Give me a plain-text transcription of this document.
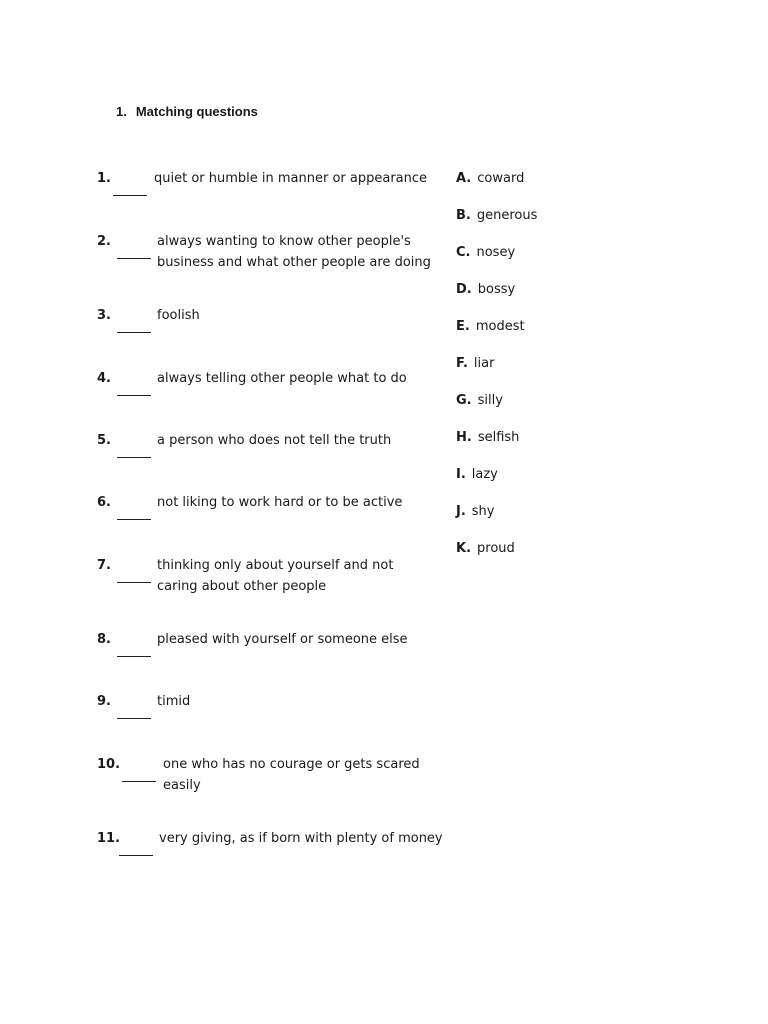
1. Matching questions
1.	quiet or humble in manner or appearance
2.	always wanting to know other people's business and what other people are doing
3.	foolish
4.	always telling other people what to do
5.	a person who does not tell the truth
6.	not liking to work hard or to be active
7.	thinking only about yourself and not caring about other people
8.	pleased with yourself or someone else
9.	timid
10.	one who has no courage or gets scared easily
11.	very giving, as if born with plenty of money
A. coward
B. generous
C. nosey
D. bossy
E. modest
F. liar
G. silly
H. selfish
I. lazy
J. shy
K. proud
